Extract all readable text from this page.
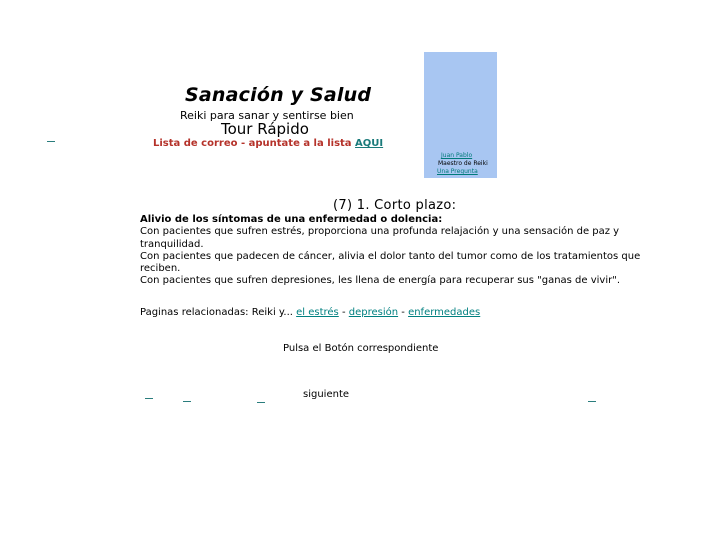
Sanación y Salud
Reiki para sanar y sentirse bien
Tour Rápido
Lista de correo - apuntate a la lista AQUI
Juan Pablo
Maestro de Reiki
Una Pregunta
(7) 1. Corto plazo:
Alivio de los síntomas de una enfermedad o dolencia:
Con pacientes que sufren estrés, proporciona una profunda relajación y una sensación de paz y tranquilidad.
Con pacientes que padecen de cáncer, alivia el dolor tanto del tumor como de los tratamientos que reciben.
Con pacientes que sufren depresiones, les llena de energía para recuperar sus "ganas de vivir".
Paginas relacionadas: Reiki y... el estrés - depresión - enfermedades
Pulsa el Botón correspondiente
siguiente
